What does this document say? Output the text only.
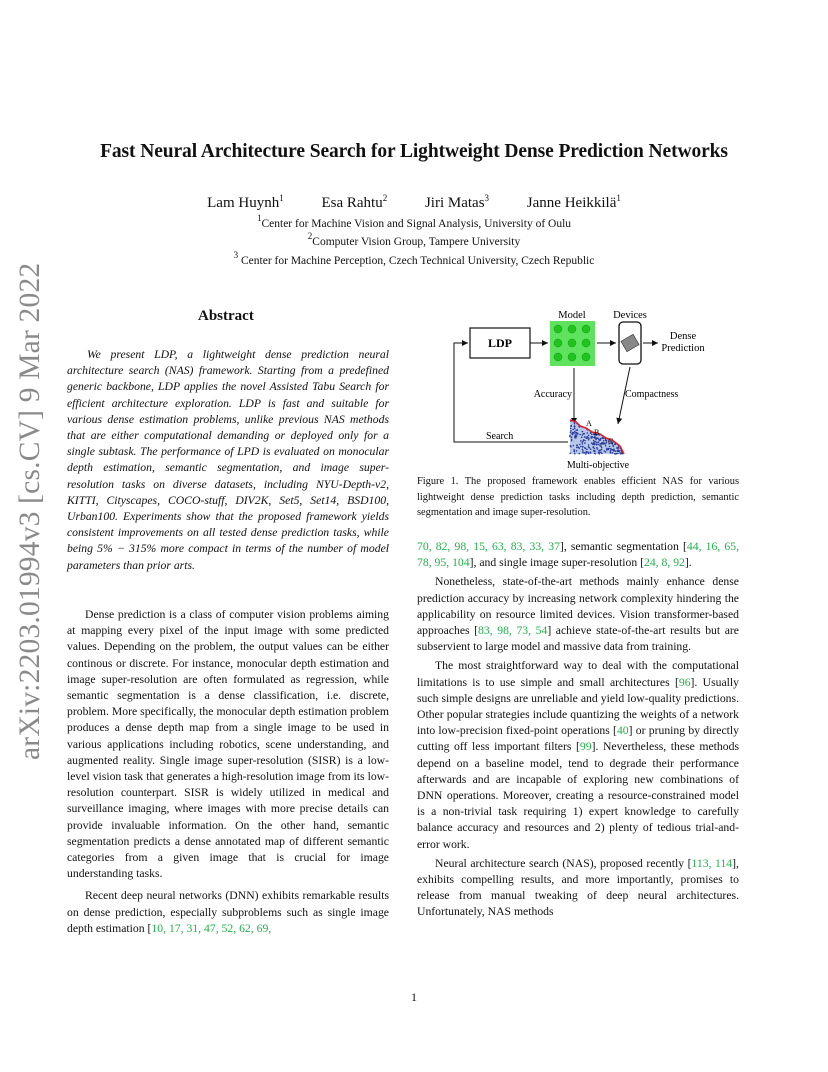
arXiv:2203.01994v3 [cs.CV] 9 Mar 2022
Fast Neural Architecture Search for Lightweight Dense Prediction Networks
Lam Huynh$^1$	Esa Rahtu$^2$	Jiri Matas$^3$	Janne Heikkilä$^1$
$^1$Center for Machine Vision and Signal Analysis, University of Oulu
$^2$Computer Vision Group, Tampere University
$^3$ Center for Machine Perception, Czech Technical University, Czech Republic
Abstract
We present LDP, a lightweight dense prediction neural architecture search (NAS) framework. Starting from a predefined generic backbone, LDP applies the novel Assisted Tabu Search for efficient architecture exploration. LDP is fast and suitable for various dense estimation problems, unlike previous NAS methods that are either computational demanding or deployed only for a single subtask. The performance of LPD is evaluated on monocular depth estimation, semantic segmentation, and image super-resolution tasks on diverse datasets, including NYU-Depth-v2, KITTI, Cityscapes, COCO-stuff, DIV2K, Set5, Set14, BSD100, Urban100. Experiments show that the proposed framework yields consistent improvements on all tested dense prediction tasks, while being 5% − 315% more compact in terms of the number of model parameters than prior arts.
LDP
Model	Devices
Dense
Prediction
Accuracy	Compactness
Search
A
B
C
Multi-objective
Figure 1. The proposed framework enables efficient NAS for various lightweight dense prediction tasks including depth prediction, semantic segmentation and image super-resolution.

Dense prediction is a class of computer vision problems aiming at mapping every pixel of the input image with some predicted values. Depending on the problem, the output values can be either continous or discrete. For instance, monocular depth estimation and image super-resolution are often formulated as regression, while semantic segmentation is a dense classification, i.e. discrete, problem. More specifically, the monocular depth estimation problem produces a dense depth map from a single image to be used in various applications including robotics, scene understanding, and augmented reality. Single image super-resolution (SISR) is a low-level vision task that generates a high-resolution image from its low-resolution counterpart. SISR is widely utilized in medical and surveillance imaging, where images with more precise details can provide invaluable information. On the other hand, semantic segmentation predicts a dense annotated map of different semantic categories from a given image that is crucial for image understanding tasks.

Recent deep neural networks (DNN) exhibits remarkable results on dense prediction, especially subproblems such as single image depth estimation [10, 17, 31, 47, 52, 62, 69,

70, 82, 98, 15, 63, 83, 33, 37], semantic segmentation [44, 16, 65, 78, 95, 104], and single image super-resolution [24, 8, 92].

Nonetheless, state-of-the-art methods mainly enhance dense prediction accuracy by increasing network complexity hindering the applicability on resource limited devices. Vision transformer-based approaches [83, 98, 73, 54] achieve state-of-the-art results but are subservient to large model and massive data from training.

The most straightforward way to deal with the computational limitations is to use simple and small architectures [96]. Usually such simple designs are unreliable and yield low-quality predictions. Other popular strategies include quantizing the weights of a network into low-precision fixed-point operations [40] or pruning by directly cutting off less important filters [99]. Nevertheless, these methods depend on a baseline model, tend to degrade their performance afterwards and are incapable of exploring new combinations of DNN operations. Moreover, creating a resource-constrained model is a non-trivial task requiring 1) expert knowledge to carefully balance accuracy and resources and 2) plenty of tedious trial-and-error work.

Neural architecture search (NAS), proposed recently [113, 114], exhibits compelling results, and more importantly, promises to release from manual tweaking of deep neural architectures. Unfortunately, NAS methods

1
